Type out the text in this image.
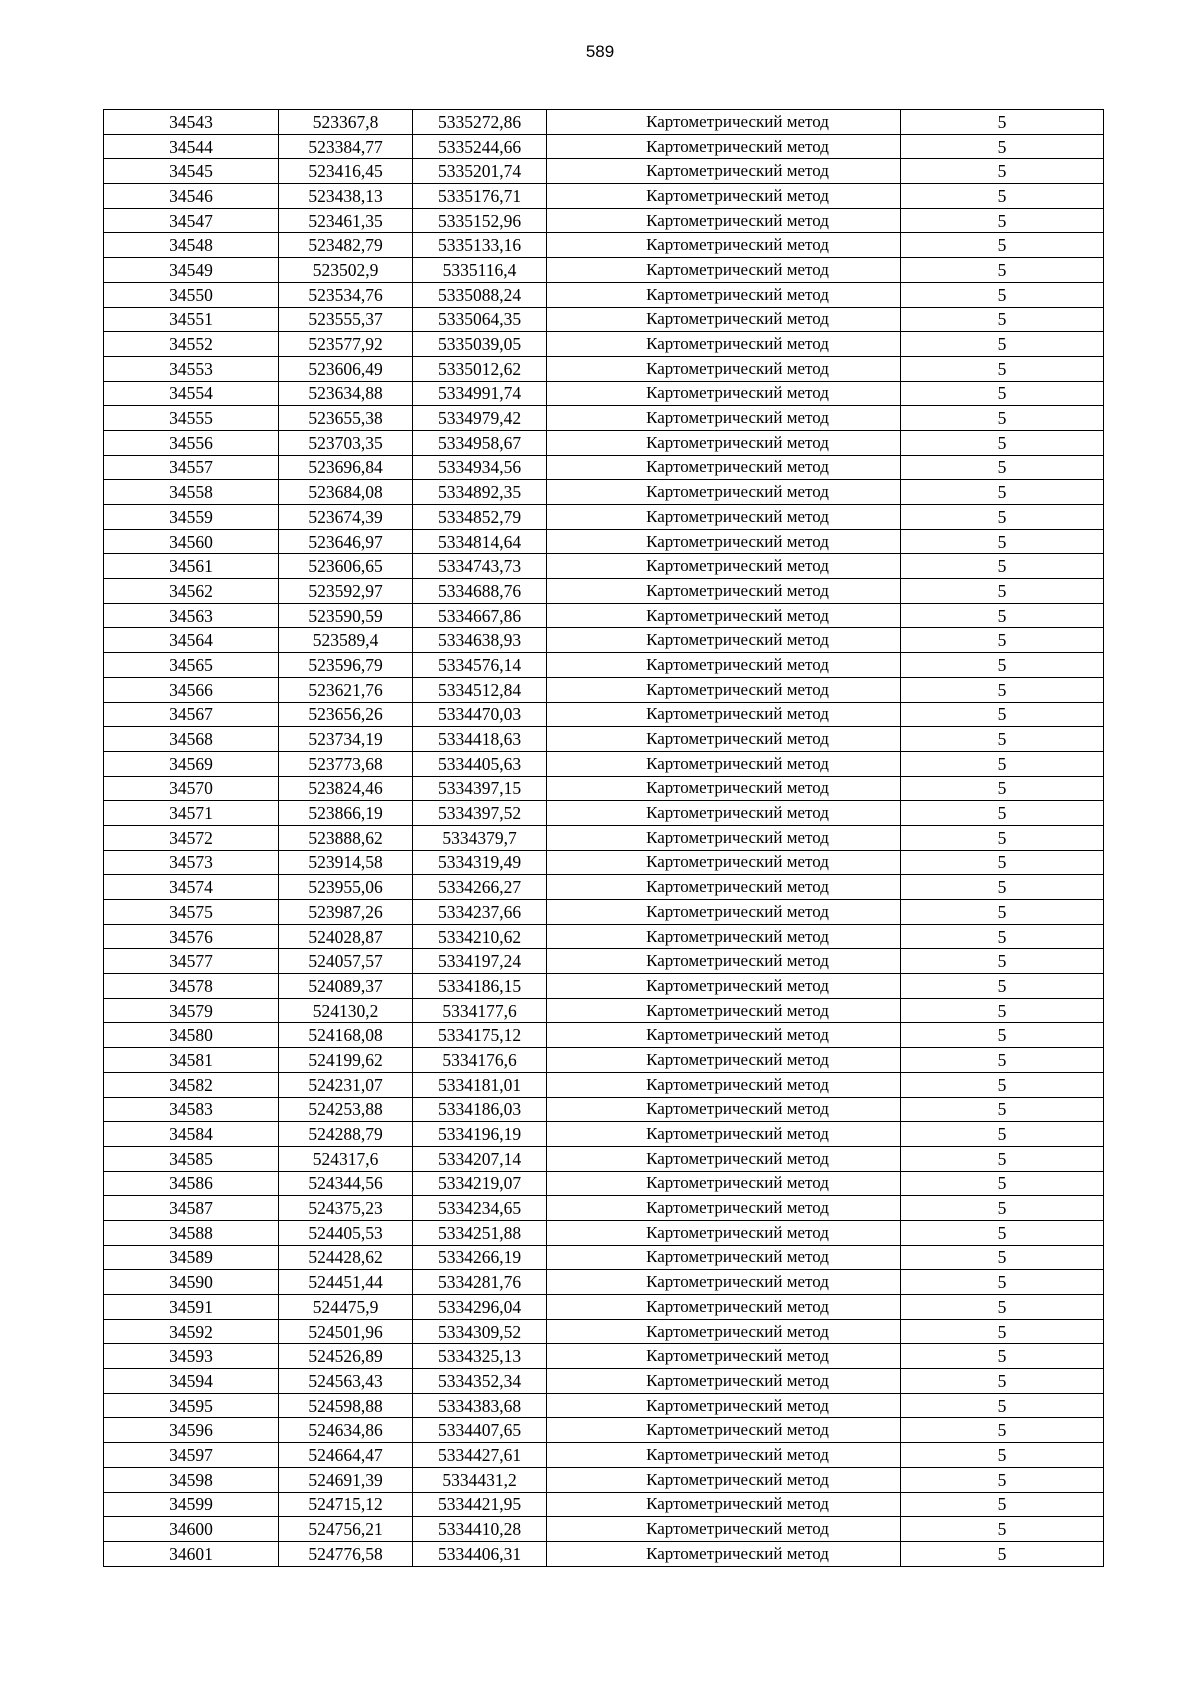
589
34543	523367,8	5335272,86	Картометрический метод	5
34544	523384,77	5335244,66	Картометрический метод	5
34545	523416,45	5335201,74	Картометрический метод	5
34546	523438,13	5335176,71	Картометрический метод	5
34547	523461,35	5335152,96	Картометрический метод	5
34548	523482,79	5335133,16	Картометрический метод	5
34549	523502,9	5335116,4	Картометрический метод	5
34550	523534,76	5335088,24	Картометрический метод	5
34551	523555,37	5335064,35	Картометрический метод	5
34552	523577,92	5335039,05	Картометрический метод	5
34553	523606,49	5335012,62	Картометрический метод	5
34554	523634,88	5334991,74	Картометрический метод	5
34555	523655,38	5334979,42	Картометрический метод	5
34556	523703,35	5334958,67	Картометрический метод	5
34557	523696,84	5334934,56	Картометрический метод	5
34558	523684,08	5334892,35	Картометрический метод	5
34559	523674,39	5334852,79	Картометрический метод	5
34560	523646,97	5334814,64	Картометрический метод	5
34561	523606,65	5334743,73	Картометрический метод	5
34562	523592,97	5334688,76	Картометрический метод	5
34563	523590,59	5334667,86	Картометрический метод	5
34564	523589,4	5334638,93	Картометрический метод	5
34565	523596,79	5334576,14	Картометрический метод	5
34566	523621,76	5334512,84	Картометрический метод	5
34567	523656,26	5334470,03	Картометрический метод	5
34568	523734,19	5334418,63	Картометрический метод	5
34569	523773,68	5334405,63	Картометрический метод	5
34570	523824,46	5334397,15	Картометрический метод	5
34571	523866,19	5334397,52	Картометрический метод	5
34572	523888,62	5334379,7	Картометрический метод	5
34573	523914,58	5334319,49	Картометрический метод	5
34574	523955,06	5334266,27	Картометрический метод	5
34575	523987,26	5334237,66	Картометрический метод	5
34576	524028,87	5334210,62	Картометрический метод	5
34577	524057,57	5334197,24	Картометрический метод	5
34578	524089,37	5334186,15	Картометрический метод	5
34579	524130,2	5334177,6	Картометрический метод	5
34580	524168,08	5334175,12	Картометрический метод	5
34581	524199,62	5334176,6	Картометрический метод	5
34582	524231,07	5334181,01	Картометрический метод	5
34583	524253,88	5334186,03	Картометрический метод	5
34584	524288,79	5334196,19	Картометрический метод	5
34585	524317,6	5334207,14	Картометрический метод	5
34586	524344,56	5334219,07	Картометрический метод	5
34587	524375,23	5334234,65	Картометрический метод	5
34588	524405,53	5334251,88	Картометрический метод	5
34589	524428,62	5334266,19	Картометрический метод	5
34590	524451,44	5334281,76	Картометрический метод	5
34591	524475,9	5334296,04	Картометрический метод	5
34592	524501,96	5334309,52	Картометрический метод	5
34593	524526,89	5334325,13	Картометрический метод	5
34594	524563,43	5334352,34	Картометрический метод	5
34595	524598,88	5334383,68	Картометрический метод	5
34596	524634,86	5334407,65	Картометрический метод	5
34597	524664,47	5334427,61	Картометрический метод	5
34598	524691,39	5334431,2	Картометрический метод	5
34599	524715,12	5334421,95	Картометрический метод	5
34600	524756,21	5334410,28	Картометрический метод	5
34601	524776,58	5334406,31	Картометрический метод	5
